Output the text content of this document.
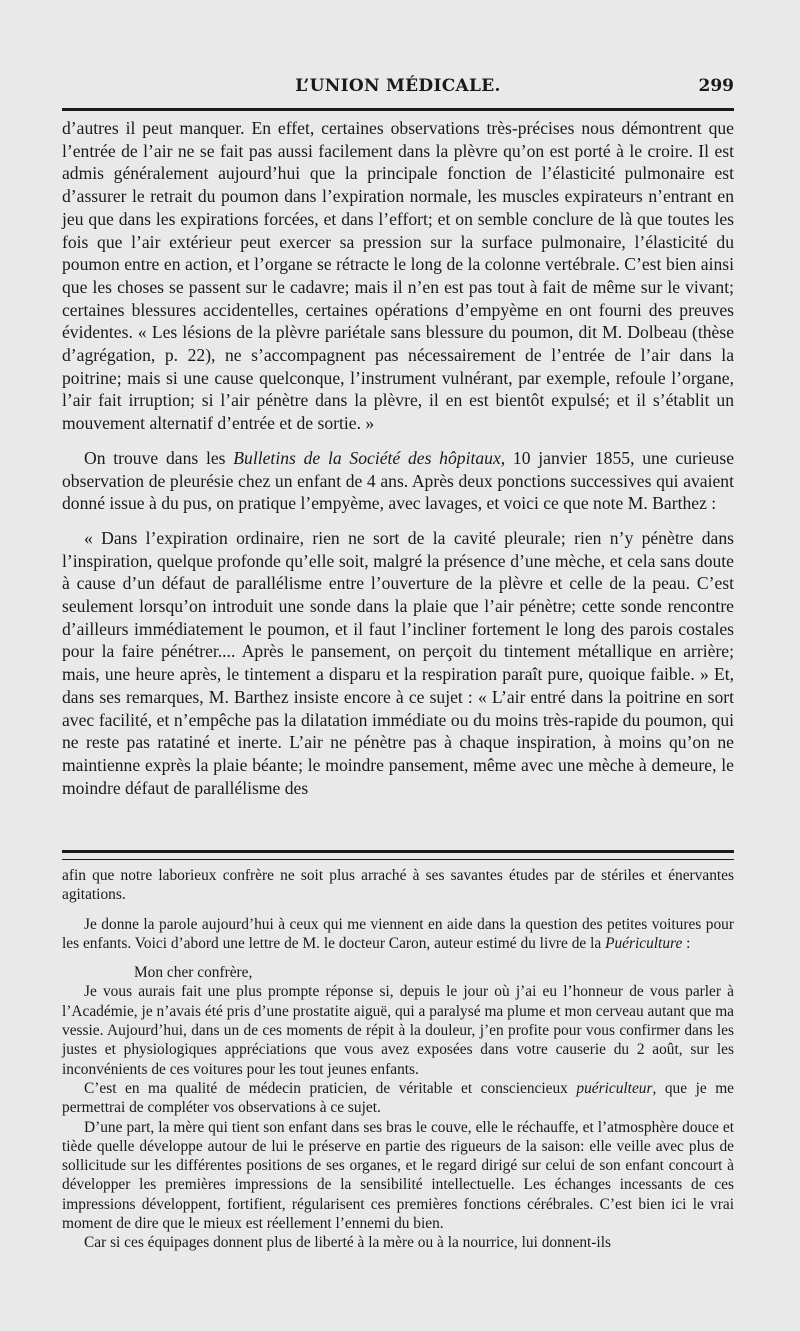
L’UNION MÉDICALE.	299

d’autres il peut manquer. En effet, certaines observations très-précises nous démontrent que l’entrée de l’air ne se fait pas aussi facilement dans la plèvre qu’on est porté à le croire. Il est admis généralement aujourd’hui que la principale fonction de l’élasticité pulmonaire est d’assurer le retrait du poumon dans l’expiration normale, les muscles expirateurs n’entrant en jeu que dans les expirations forcées, et dans l’effort; et on semble conclure de là que toutes les fois que l’air extérieur peut exercer sa pression sur la surface pulmonaire, l’élasticité du poumon entre en action, et l’organe se rétracte le long de la colonne vertébrale. C’est bien ainsi que les choses se passent sur le cadavre; mais il n’en est pas tout à fait de même sur le vivant; certaines blessures accidentelles, certaines opérations d’empyème en ont fourni des preuves évidentes. « Les lésions de la plèvre pariétale sans blessure du poumon, dit M. Dolbeau (thèse d’agrégation, p. 22), ne s’accompagnent pas nécessairement de l’entrée de l’air dans la poitrine; mais si une cause quelconque, l’instrument vulnérant, par exemple, refoule l’organe, l’air fait irruption; si l’air pénètre dans la plèvre, il en est bientôt expulsé; et il s’établit un mouvement alternatif d’entrée et de sortie. »

On trouve dans les Bulletins de la Société des hôpitaux, 10 janvier 1855, une curieuse observation de pleurésie chez un enfant de 4 ans. Après deux ponctions successives qui avaient donné issue à du pus, on pratique l’empyème, avec lavages, et voici ce que note M. Barthez :

« Dans l’expiration ordinaire, rien ne sort de la cavité pleurale; rien n’y pénètre dans l’inspiration, quelque profonde qu’elle soit, malgré la présence d’une mèche, et cela sans doute à cause d’un défaut de parallélisme entre l’ouverture de la plèvre et celle de la peau. C’est seulement lorsqu’on introduit une sonde dans la plaie que l’air pénètre; cette sonde rencontre d’ailleurs immédiatement le poumon, et il faut l’incliner fortement le long des parois costales pour la faire pénétrer.... Après le pansement, on perçoit du tintement métallique en arrière; mais, une heure après, le tintement a disparu et la respiration paraît pure, quoique faible. » Et, dans ses remarques, M. Barthez insiste encore à ce sujet : « L’air entré dans la poitrine en sort avec facilité, et n’empêche pas la dilatation immédiate ou du moins très-rapide du poumon, qui ne reste pas ratatiné et inerte. L’air ne pénètre pas à chaque inspiration, à moins qu’on ne maintienne exprès la plaie béante; le moindre pansement, même avec une mèche à demeure, le moindre défaut de parallélisme des

afin que notre laborieux confrère ne soit plus arraché à ses savantes études par de stériles et énervantes agitations.

Je donne la parole aujourd’hui à ceux qui me viennent en aide dans la question des petites voitures pour les enfants. Voici d’abord une lettre de M. le docteur Caron, auteur estimé du livre de la Puériculture :

Mon cher confrère,

Je vous aurais fait une plus prompte réponse si, depuis le jour où j’ai eu l’honneur de vous parler à l’Académie, je n’avais été pris d’une prostatite aiguë, qui a paralysé ma plume et mon cerveau autant que ma vessie. Aujourd’hui, dans un de ces moments de répit à la douleur, j’en profite pour vous confirmer dans les justes et physiologiques appréciations que vous avez exposées dans votre causerie du 2 août, sur les inconvénients de ces voitures pour les tout jeunes enfants.

C’est en ma qualité de médecin praticien, de véritable et consciencieux puériculteur, que je me permettrai de compléter vos observations à ce sujet.

D’une part, la mère qui tient son enfant dans ses bras le couve, elle le réchauffe, et l’atmosphère douce et tiède quelle développe autour de lui le préserve en partie des rigueurs de la saison: elle veille avec plus de sollicitude sur les différentes positions de ses organes, et le regard dirigé sur celui de son enfant concourt à développer les premières impressions de la sensibilité intellectuelle. Les échanges incessants de ces impressions développent, fortifient, régularisent ces premières fonctions cérébrales. C’est bien ici le vrai moment de dire que le mieux est réellement l’ennemi du bien.

Car si ces équipages donnent plus de liberté à la mère ou à la nourrice, lui donnent-ils
